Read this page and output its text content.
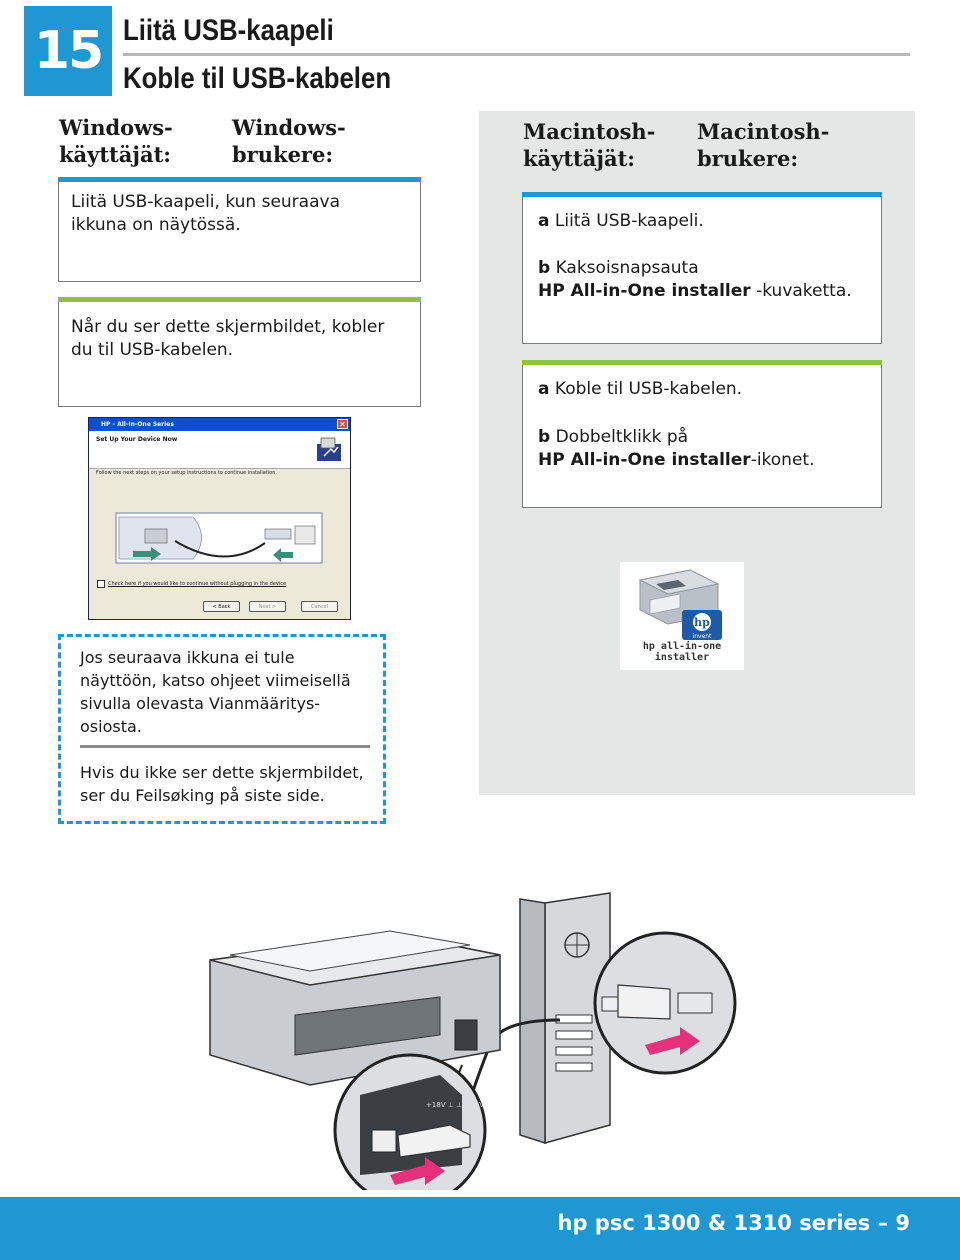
15 Liitä USB-kaapeli
Koble til USB-kabelen
Windows-
käyttäjät:
Windows-
brukere:
Liitä USB-kaapeli, kun seuraava ikkuna on näytössä.
Når du ser dette skjermbildet, kobler du til USB-kabelen.
Macintosh-
käyttäjät:
Macintosh-
brukere:
a Liitä USB-kaapeli.
b Kaksoisnapsauta
HP All-in-One installer -kuvaketta.
a Koble til USB-kabelen.
b Dobbeltklikk på
HP All-in-One installer-ikonet.
HP - All-In-One Series	✕
Set Up Your Device Now
Follow the next steps on your setup instructions to continue installation.
Check here if you would like to continue without plugging in the device
< Back	Next >	Cancel
hp
invent
hp all-in-one installer
Jos seuraava ikkuna ei tule näyttöön, katso ohjeet viimeisellä sivulla olevasta Vianmääritys-osiosta.
Hvis du ikke ser dette skjermbildet, ser du Feilsøking på siste side.
+18V ⊥ ⊥ +32V
hp psc 1300 & 1310 series – 9
